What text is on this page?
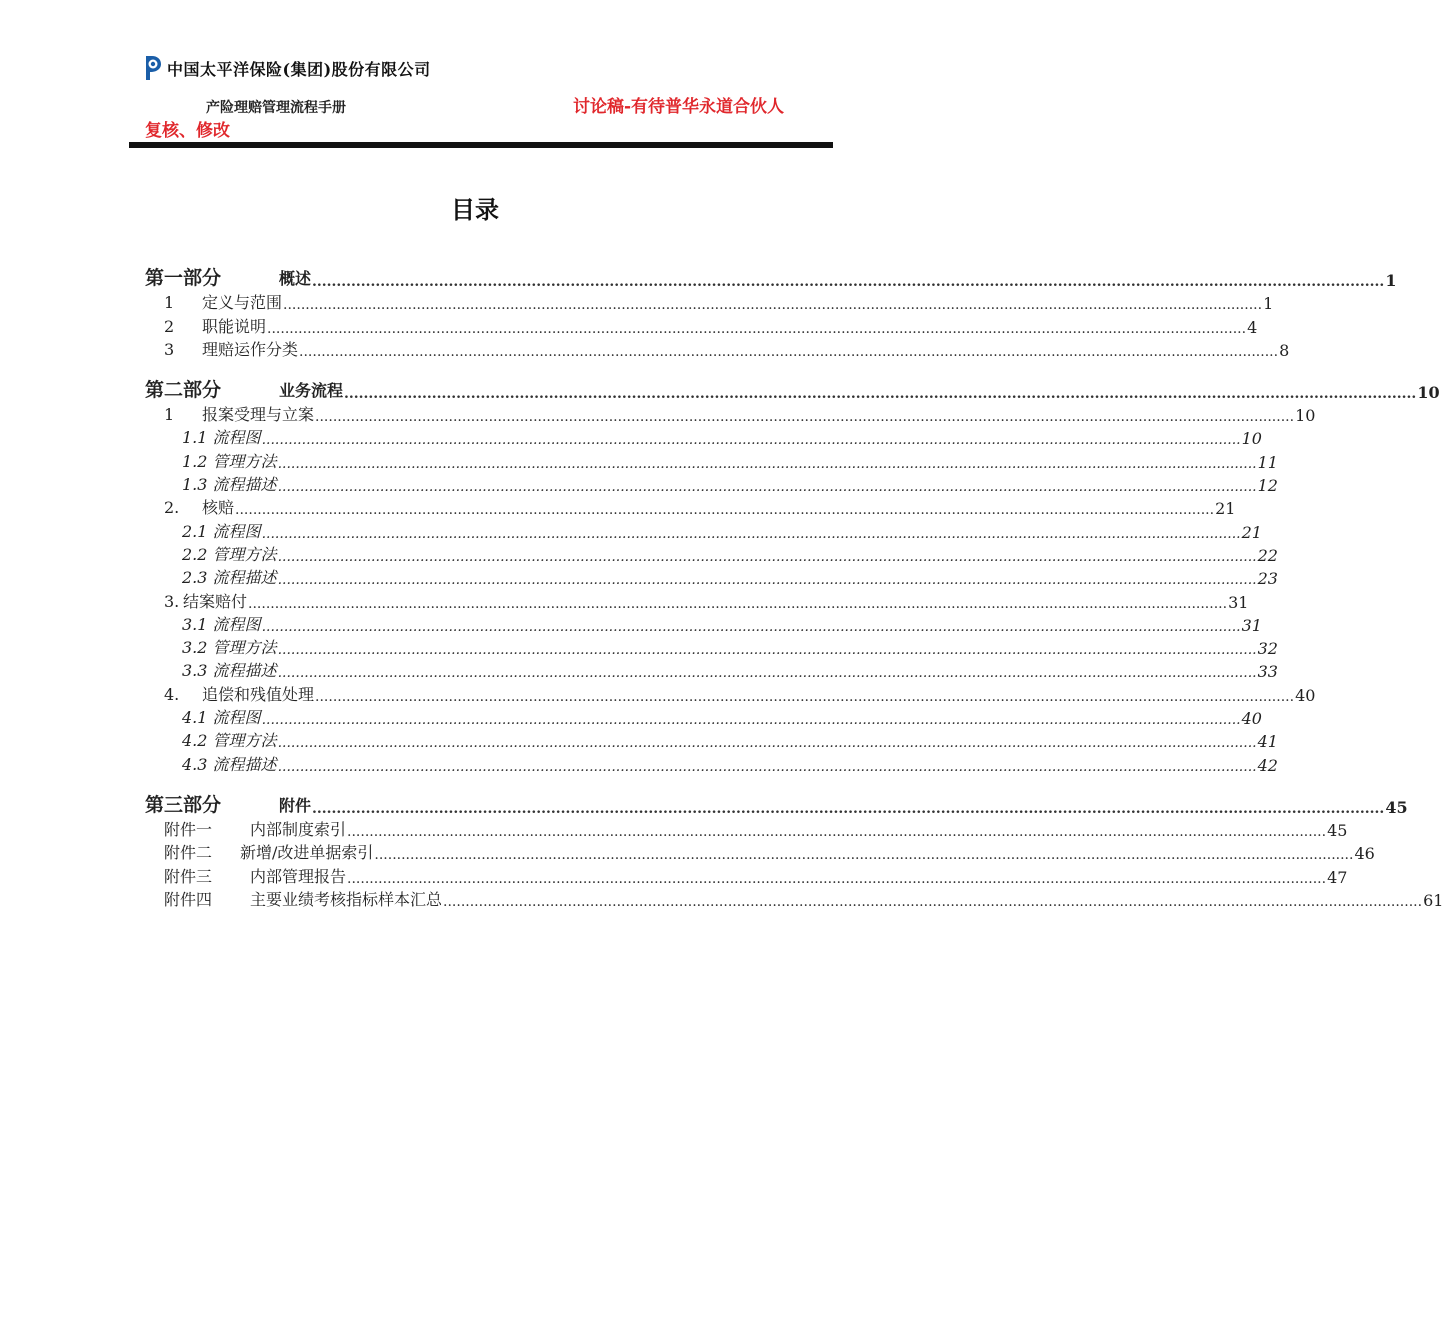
中国太平洋保险(集团)股份有限公司
讨论稿-有待普华永道合伙人复核、修改
产险理赔管理流程手册
目录
第一部分	概述 ............................................................................................................................................................................................................................ 1
1 定义与范围 ............................................................................................................................................................................................................................ 1
2 职能说明 ............................................................................................................................................................................................................................ 4
3 理赔运作分类 ............................................................................................................................................................................................................................ 8
第二部分	业务流程 ............................................................................................................................................................................................................................ 10
1 报案受理与立案 ............................................................................................................................................................................................................................ 10
1.1 流程图 ............................................................................................................................................................................................................................ 10
1.2 管理方法 ............................................................................................................................................................................................................................ 11
1.3 流程描述 ............................................................................................................................................................................................................................ 12
2. 核赔 ............................................................................................................................................................................................................................ 21
2.1 流程图 ............................................................................................................................................................................................................................ 21
2.2 管理方法 ............................................................................................................................................................................................................................ 22
2.3 流程描述 ............................................................................................................................................................................................................................ 23
3. 结案赔付 ............................................................................................................................................................................................................................ 31
3.1 流程图 ............................................................................................................................................................................................................................ 31
3.2 管理方法 ............................................................................................................................................................................................................................ 32
3.3 流程描述 ............................................................................................................................................................................................................................ 33
4. 追偿和残值处理 ............................................................................................................................................................................................................................ 40
4.1 流程图 ............................................................................................................................................................................................................................ 40
4.2 管理方法 ............................................................................................................................................................................................................................ 41
4.3 流程描述 ............................................................................................................................................................................................................................ 42
第三部分	附件 ............................................................................................................................................................................................................................ 45
附件一 内部制度索引 ............................................................................................................................................................................................................................ 45
附件二 新增/改进单据索引 ............................................................................................................................................................................................................................ 46
附件三 内部管理报告 ............................................................................................................................................................................................................................ 47
附件四 主要业绩考核指标样本汇总 ............................................................................................................................................................................................................................ 61
